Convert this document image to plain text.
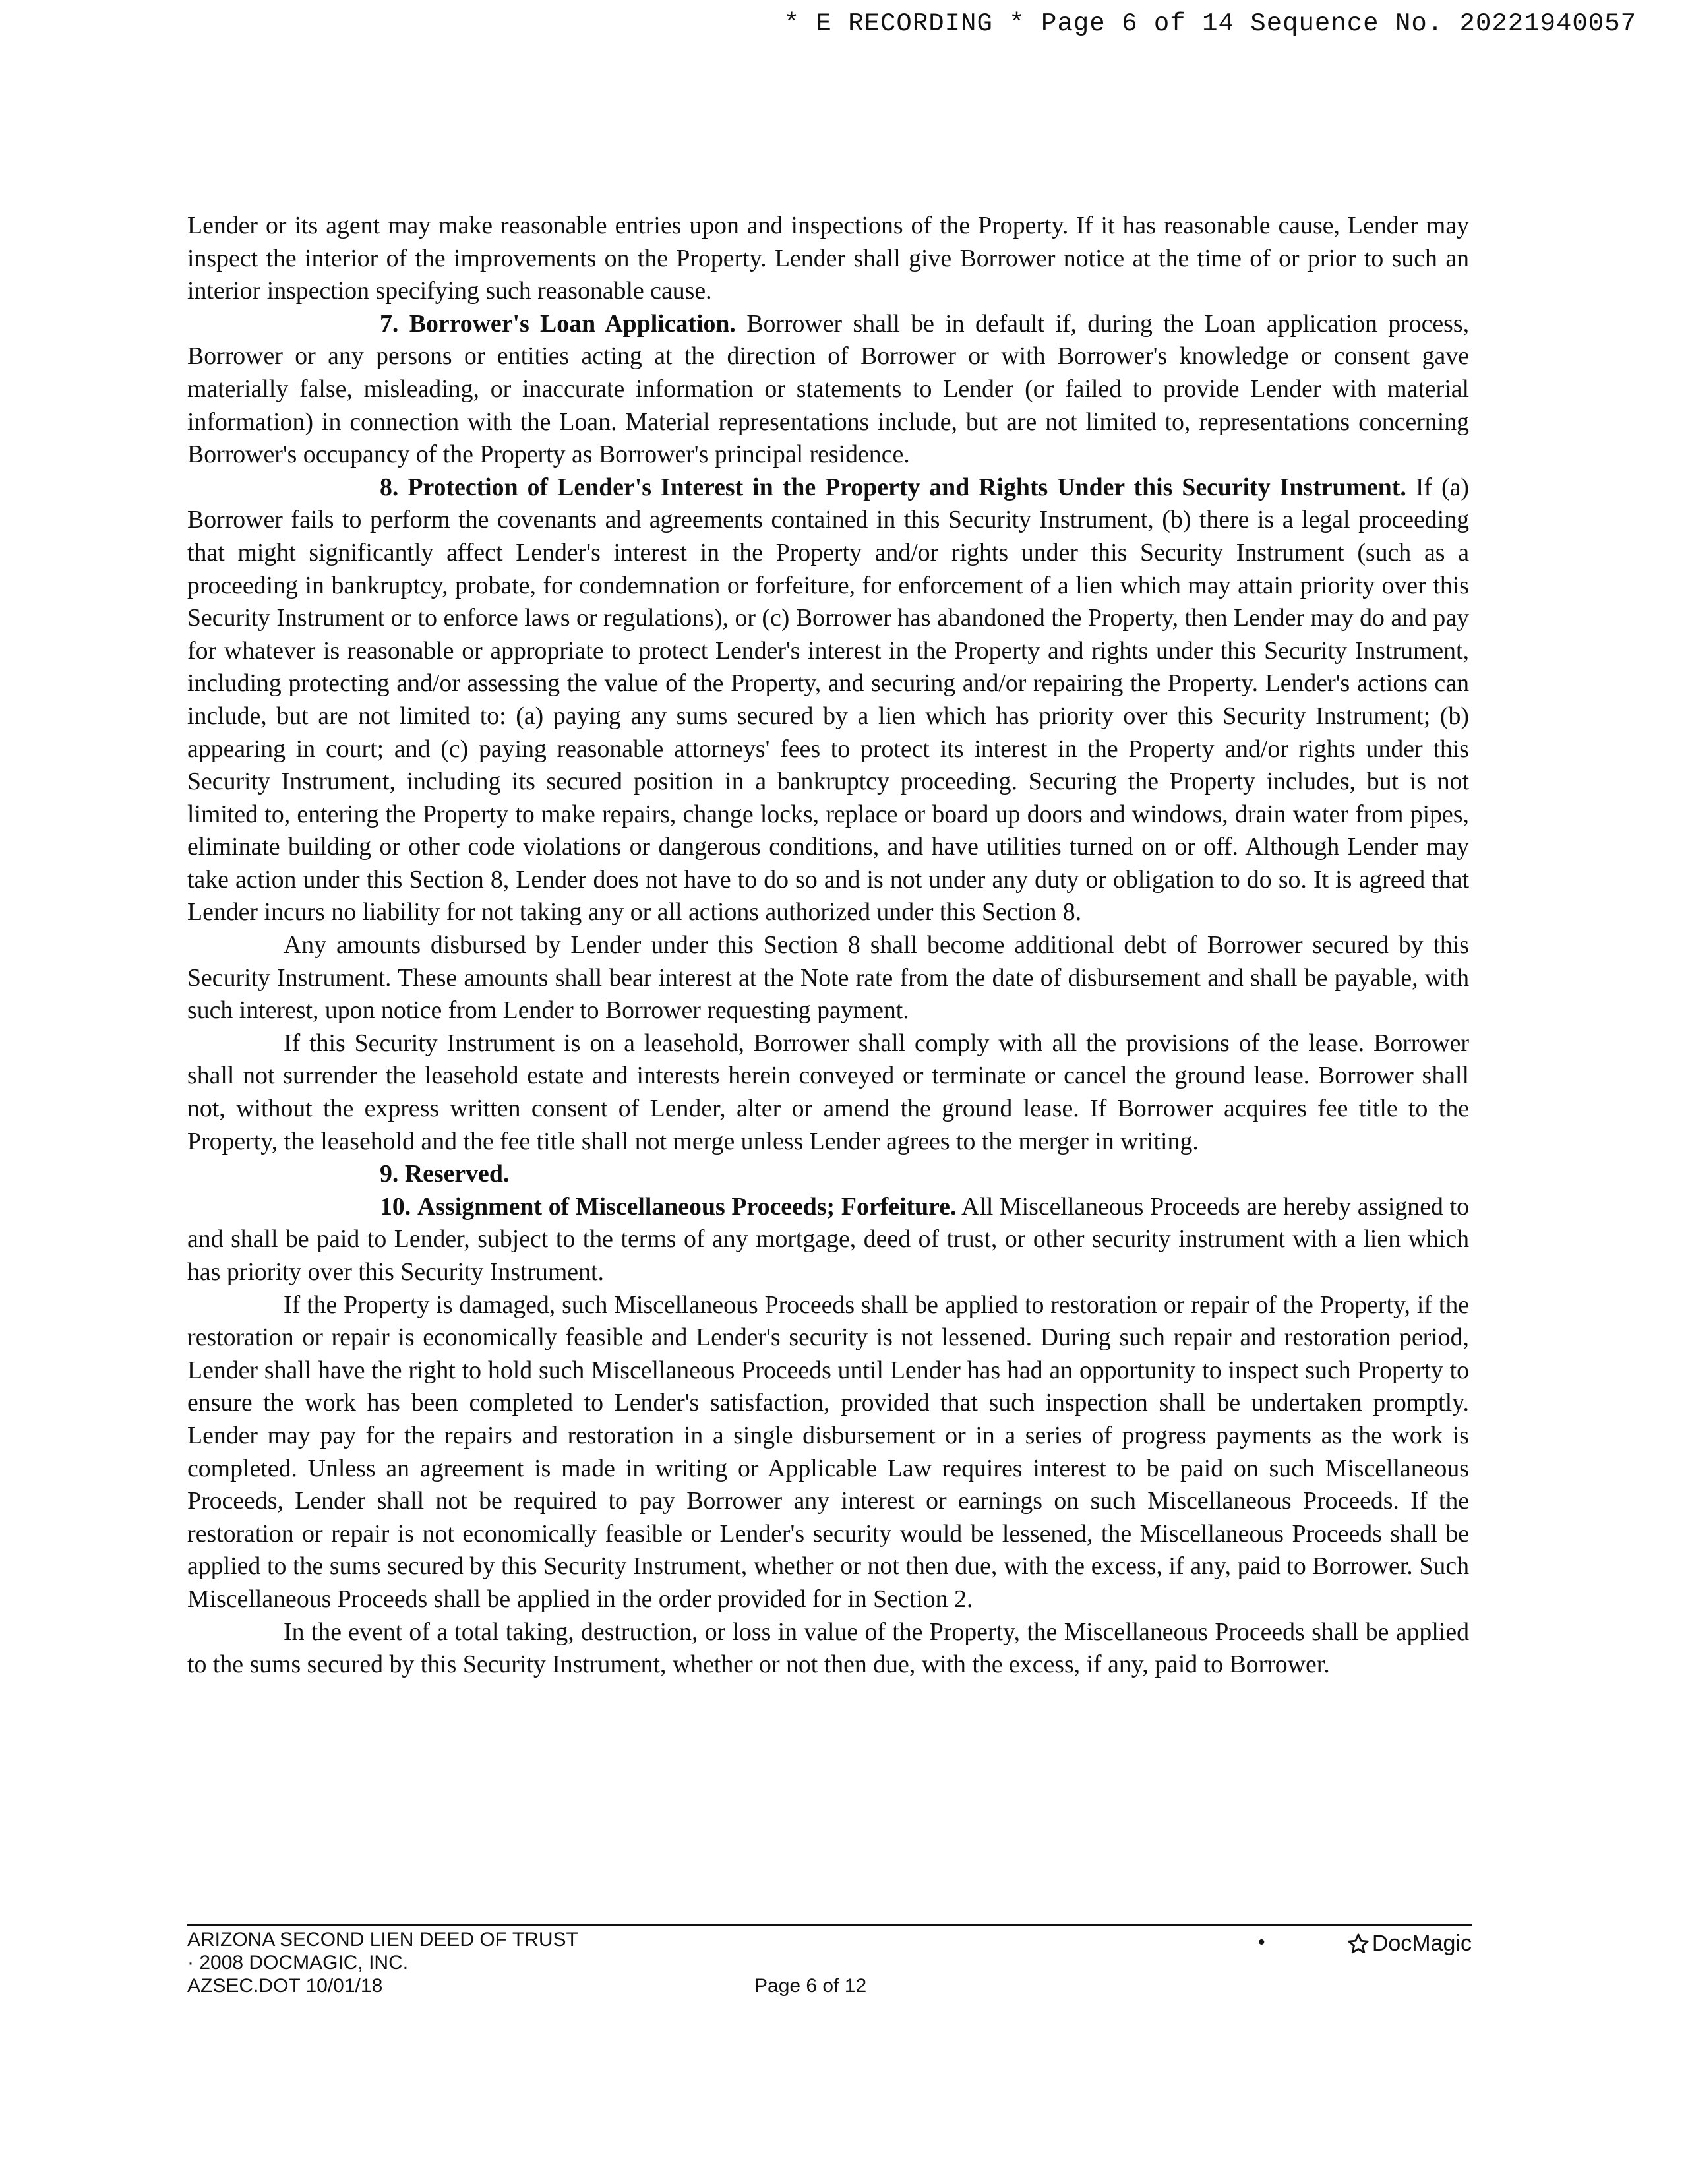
* E RECORDING * Page 6 of 14 Sequence No. 20221940057

Lender or its agent may make reasonable entries upon and inspections of the Property. If it has reasonable cause, Lender may inspect the interior of the improvements on the Property. Lender shall give Borrower notice at the time of or prior to such an interior inspection specifying such reasonable cause.

7. Borrower's Loan Application. Borrower shall be in default if, during the Loan application process, Borrower or any persons or entities acting at the direction of Borrower or with Borrower's knowledge or consent gave materially false, misleading, or inaccurate information or statements to Lender (or failed to provide Lender with material information) in connection with the Loan. Material representations include, but are not limited to, representations concerning Borrower's occupancy of the Property as Borrower's principal residence.

8. Protection of Lender's Interest in the Property and Rights Under this Security Instrument. If (a) Borrower fails to perform the covenants and agreements contained in this Security Instrument, (b) there is a legal proceeding that might significantly affect Lender's interest in the Property and/or rights under this Security Instrument (such as a proceeding in bankruptcy, probate, for condemnation or forfeiture, for enforcement of a lien which may attain priority over this Security Instrument or to enforce laws or regulations), or (c) Borrower has abandoned the Property, then Lender may do and pay for whatever is reasonable or appropriate to protect Lender's interest in the Property and rights under this Security Instrument, including protecting and/or assessing the value of the Property, and securing and/or repairing the Property. Lender's actions can include, but are not limited to: (a) paying any sums secured by a lien which has priority over this Security Instrument; (b) appearing in court; and (c) paying reasonable attorneys' fees to protect its interest in the Property and/or rights under this Security Instrument, including its secured position in a bankruptcy proceeding. Securing the Property includes, but is not limited to, entering the Property to make repairs, change locks, replace or board up doors and windows, drain water from pipes, eliminate building or other code violations or dangerous conditions, and have utilities turned on or off. Although Lender may take action under this Section 8, Lender does not have to do so and is not under any duty or obligation to do so. It is agreed that Lender incurs no liability for not taking any or all actions authorized under this Section 8.

Any amounts disbursed by Lender under this Section 8 shall become additional debt of Borrower secured by this Security Instrument. These amounts shall bear interest at the Note rate from the date of disbursement and shall be payable, with such interest, upon notice from Lender to Borrower requesting payment.

If this Security Instrument is on a leasehold, Borrower shall comply with all the provisions of the lease. Borrower shall not surrender the leasehold estate and interests herein conveyed or terminate or cancel the ground lease. Borrower shall not, without the express written consent of Lender, alter or amend the ground lease. If Borrower acquires fee title to the Property, the leasehold and the fee title shall not merge unless Lender agrees to the merger in writing.

9. Reserved.

10. Assignment of Miscellaneous Proceeds; Forfeiture. All Miscellaneous Proceeds are hereby assigned to and shall be paid to Lender, subject to the terms of any mortgage, deed of trust, or other security instrument with a lien which has priority over this Security Instrument.

If the Property is damaged, such Miscellaneous Proceeds shall be applied to restoration or repair of the Property, if the restoration or repair is economically feasible and Lender's security is not lessened. During such repair and restoration period, Lender shall have the right to hold such Miscellaneous Proceeds until Lender has had an opportunity to inspect such Property to ensure the work has been completed to Lender's satisfaction, provided that such inspection shall be undertaken promptly. Lender may pay for the repairs and restoration in a single disbursement or in a series of progress payments as the work is completed. Unless an agreement is made in writing or Applicable Law requires interest to be paid on such Miscellaneous Proceeds, Lender shall not be required to pay Borrower any interest or earnings on such Miscellaneous Proceeds. If the restoration or repair is not economically feasible or Lender's security would be lessened, the Miscellaneous Proceeds shall be applied to the sums secured by this Security Instrument, whether or not then due, with the excess, if any, paid to Borrower. Such Miscellaneous Proceeds shall be applied in the order provided for in Section 2.

In the event of a total taking, destruction, or loss in value of the Property, the Miscellaneous Proceeds shall be applied to the sums secured by this Security Instrument, whether or not then due, with the excess, if any, paid to Borrower.

ARIZONA SECOND LIEN DEED OF TRUST
· 2008 DOCMAGIC, INC.
AZSEC.DOT 10/01/18	Page 6 of 12
•	DocMagic
